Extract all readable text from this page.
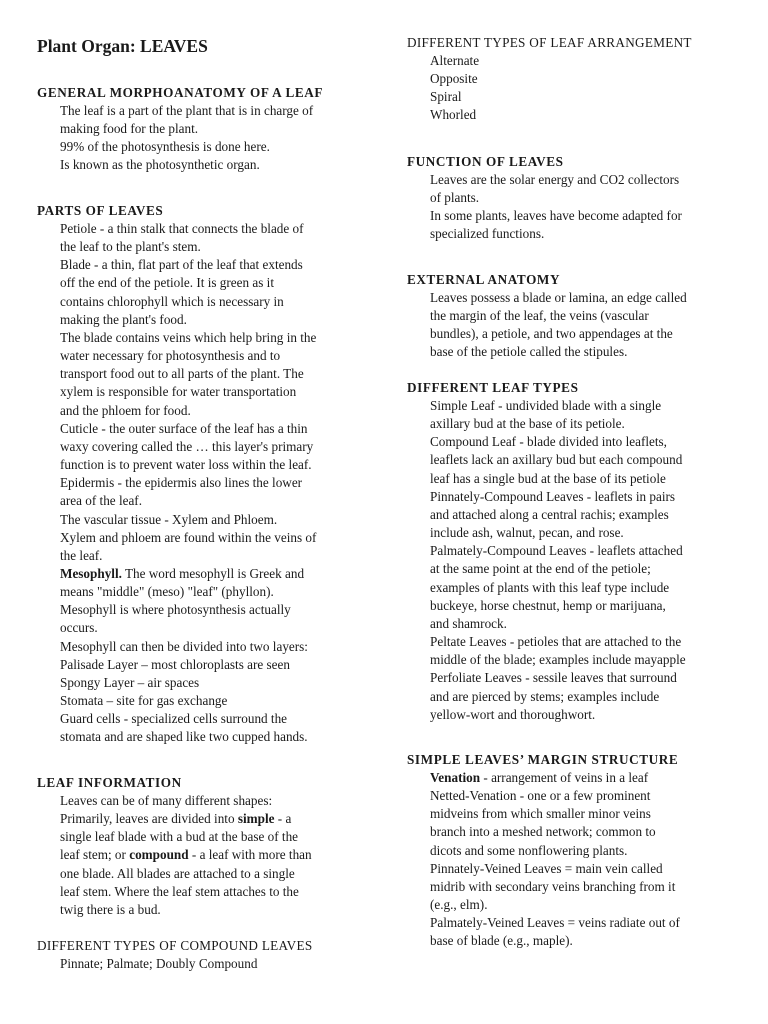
Plant Organ: LEAVES
GENERAL MORPHOANATOMY OF A LEAF
The leaf is a part of the plant that is in charge of
making food for the plant.
99% of the photosynthesis is done here.
Is known as the photosynthetic organ.
PARTS OF LEAVES
Petiole - a thin stalk that connects the blade of
the leaf to the plant's stem.
Blade - a thin, flat part of the leaf that extends
off the end of the petiole. It is green as it
contains chlorophyll which is necessary in
making the plant's food.
The blade contains veins which help bring in the
water necessary for photosynthesis and to
transport food out to all parts of the plant. The
xylem is responsible for water transportation
and the phloem for food.
Cuticle - the outer surface of the leaf has a thin
waxy covering called the … this layer's primary
function is to prevent water loss within the leaf.
Epidermis - the epidermis also lines the lower
area of the leaf.
The vascular tissue - Xylem and Phloem.
Xylem and phloem are found within the veins of
the leaf.
Mesophyll. The word mesophyll is Greek and
means "middle" (meso) "leaf" (phyllon).
Mesophyll is where photosynthesis actually
occurs.
Mesophyll can then be divided into two layers:
Palisade Layer – most chloroplasts are seen
Spongy Layer – air spaces
Stomata – site for gas exchange
Guard cells - specialized cells surround the
stomata and are shaped like two cupped hands.
LEAF INFORMATION
Leaves can be of many different shapes:
Primarily, leaves are divided into simple - a
single leaf blade with a bud at the base of the
leaf stem; or compound - a leaf with more than
one blade. All blades are attached to a single
leaf stem. Where the leaf stem attaches to the
twig there is a bud.
DIFFERENT TYPES OF COMPOUND LEAVES
Pinnate; Palmate; Doubly Compound
DIFFERENT TYPES OF LEAF ARRANGEMENT
Alternate
Opposite
Spiral
Whorled
FUNCTION OF LEAVES
Leaves are the solar energy and CO2 collectors
of plants.
In some plants, leaves have become adapted for
specialized functions.
EXTERNAL ANATOMY
Leaves possess a blade or lamina, an edge called
the margin of the leaf, the veins (vascular
bundles), a petiole, and two appendages at the
base of the petiole called the stipules.
DIFFERENT LEAF TYPES
Simple Leaf - undivided blade with a single
axillary bud at the base of its petiole.
Compound Leaf - blade divided into leaflets,
leaflets lack an axillary bud but each compound
leaf has a single bud at the base of its petiole
Pinnately-Compound Leaves - leaflets in pairs
and attached along a central rachis; examples
include ash, walnut, pecan, and rose.
Palmately-Compound Leaves - leaflets attached
at the same point at the end of the petiole;
examples of plants with this leaf type include
buckeye, horse chestnut, hemp or marijuana,
and shamrock.
Peltate Leaves - petioles that are attached to the
middle of the blade; examples include mayapple
Perfoliate Leaves - sessile leaves that surround
and are pierced by stems; examples include
yellow-wort and thoroughwort.
SIMPLE LEAVES’ MARGIN STRUCTURE
Venation - arrangement of veins in a leaf
Netted-Venation - one or a few prominent
midveins from which smaller minor veins
branch into a meshed network; common to
dicots and some nonflowering plants.
Pinnately-Veined Leaves = main vein called
midrib with secondary veins branching from it
(e.g., elm).
Palmately-Veined Leaves = veins radiate out of
base of blade (e.g., maple).
